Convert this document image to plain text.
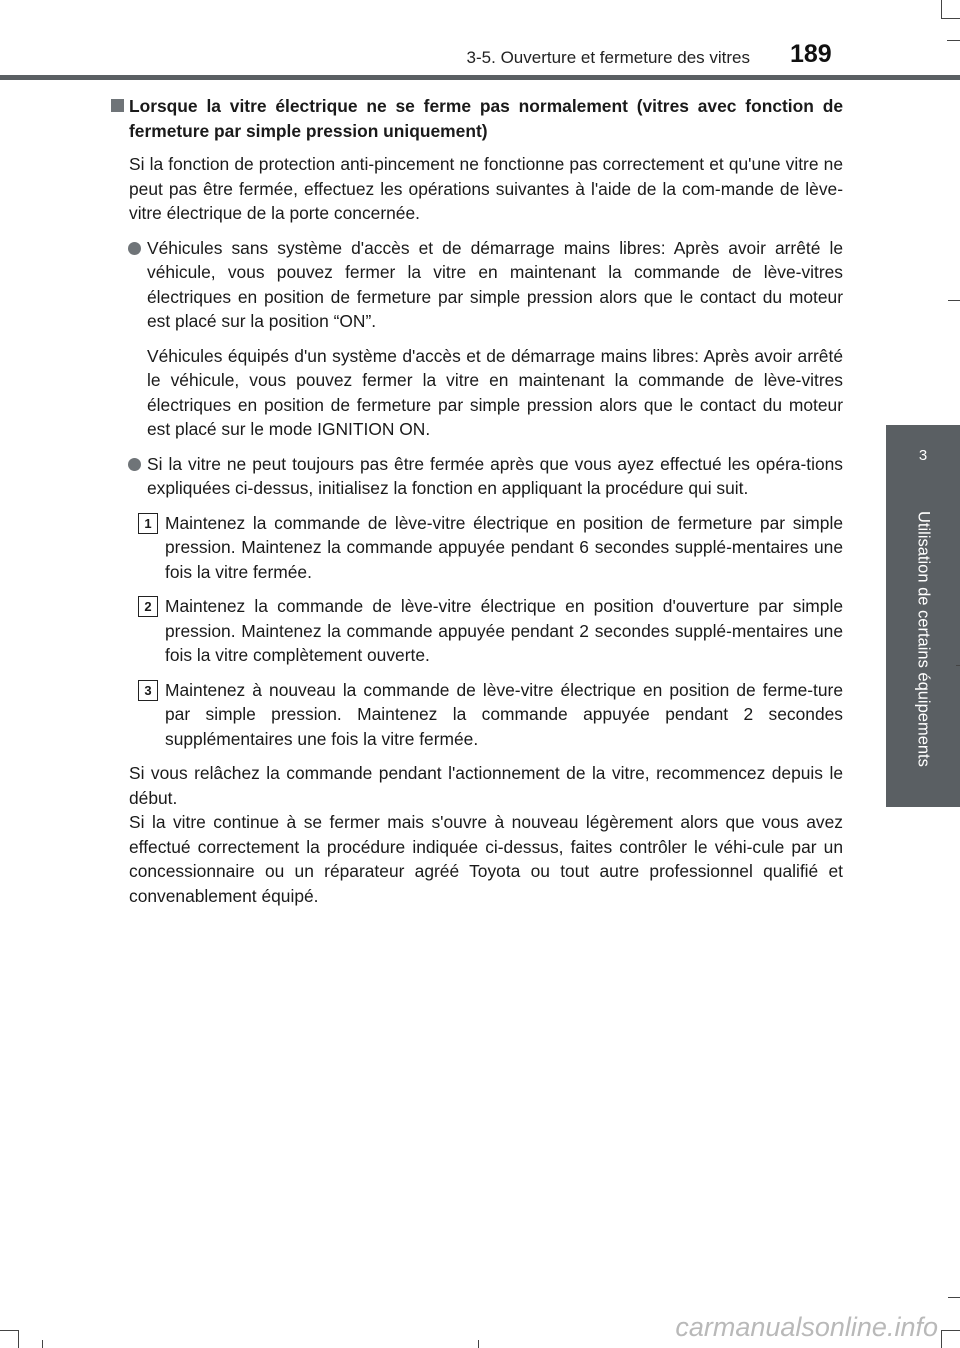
3-5. Ouverture et fermeture des vitres 189
3
Utilisation de certains équipements
Lorsque la vitre électrique ne se ferme pas normalement (vitres avec fonction de fermeture par simple pression uniquement)

Si la fonction de protection anti-pincement ne fonctionne pas correctement et qu'une vitre ne peut pas être fermée, effectuez les opérations suivantes à l'aide de la com-mande de lève-vitre électrique de la porte concernée.

Véhicules sans système d'accès et de démarrage mains libres: Après avoir arrêté le véhicule, vous pouvez fermer la vitre en maintenant la commande de lève-vitres électriques en position de fermeture par simple pression alors que le contact du moteur est placé sur la position “ON”.

Véhicules équipés d'un système d'accès et de démarrage mains libres: Après avoir arrêté le véhicule, vous pouvez fermer la vitre en maintenant la commande de lève-vitres électriques en position de fermeture par simple pression alors que le contact du moteur est placé sur le mode IGNITION ON.

Si la vitre ne peut toujours pas être fermée après que vous ayez effectué les opéra-tions expliquées ci-dessus, initialisez la fonction en appliquant la procédure qui suit.
1 Maintenez la commande de lève-vitre électrique en position de fermeture par simple pression. Maintenez la commande appuyée pendant 6 secondes supplé-mentaires une fois la vitre fermée.
2 Maintenez la commande de lève-vitre électrique en position d'ouverture par simple pression. Maintenez la commande appuyée pendant 2 secondes supplé-mentaires une fois la vitre complètement ouverte.
3 Maintenez à nouveau la commande de lève-vitre électrique en position de ferme-ture par simple pression. Maintenez la commande appuyée pendant 2 secondes supplémentaires une fois la vitre fermée.

Si vous relâchez la commande pendant l'actionnement de la vitre, recommencez depuis le début.

Si la vitre continue à se fermer mais s'ouvre à nouveau légèrement alors que vous avez effectué correctement la procédure indiquée ci-dessus, faites contrôler le véhi-cule par un concessionnaire ou un réparateur agréé Toyota ou tout autre professionnel qualifié et convenablement équipé.

carmanualsonline.info
